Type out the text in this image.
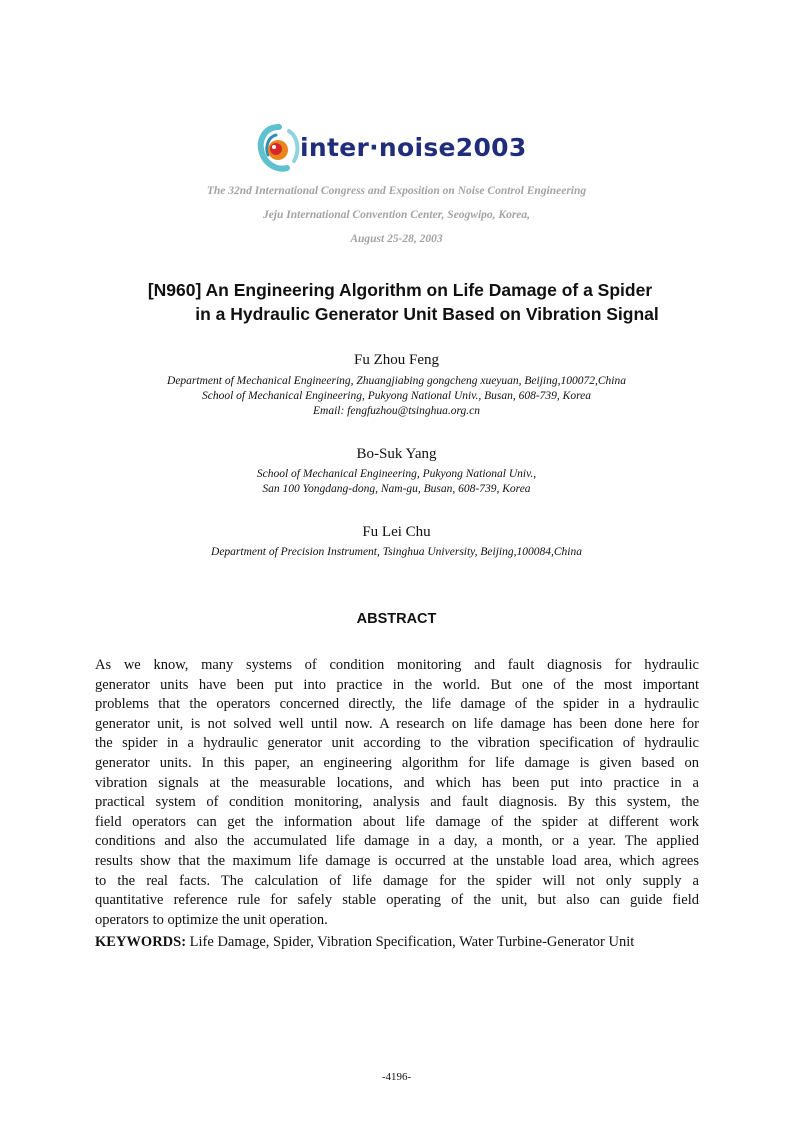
inter·noise2003
The 32nd International Congress and Exposition on Noise Control Engineering
Jeju International Convention Center, Seogwipo, Korea,
August 25-28, 2003
[N960] An Engineering Algorithm on Life Damage of a Spider
in a Hydraulic Generator Unit Based on Vibration Signal
Fu Zhou Feng
Department of Mechanical Engineering, Zhuangjiabing gongcheng xueyuan, Beijing,100072,China
School of Mechanical Engineering, Pukyong National Univ., Busan, 608-739, Korea
Email: fengfuzhou@tsinghua.org.cn
Bo-Suk Yang
School of Mechanical Engineering, Pukyong National Univ.,
San 100 Yongdang-dong, Nam-gu, Busan, 608-739, Korea
Fu Lei Chu
Department of Precision Instrument, Tsinghua University, Beijing,100084,China
ABSTRACT
As we know, many systems of condition monitoring and fault diagnosis for hydraulic
generator units have been put into practice in the world. But one of the most important
problems that the operators concerned directly, the life damage of the spider in a hydraulic
generator unit, is not solved well until now. A research on life damage has been done here for
the spider in a hydraulic generator unit according to the vibration specification of hydraulic
generator units. In this paper, an engineering algorithm for life damage is given based on
vibration signals at the measurable locations, and which has been put into practice in a
practical system of condition monitoring, analysis and fault diagnosis. By this system, the
field operators can get the information about life damage of the spider at different work
conditions and also the accumulated life damage in a day, a month, or a year. The applied
results show that the maximum life damage is occurred at the unstable load area, which agrees
to the real facts. The calculation of life damage for the spider will not only supply a
quantitative reference rule for safely stable operating of the unit, but also can guide field
operators to optimize the unit operation.
KEYWORDS: Life Damage, Spider, Vibration Specification, Water Turbine-Generator Unit
-4196-
